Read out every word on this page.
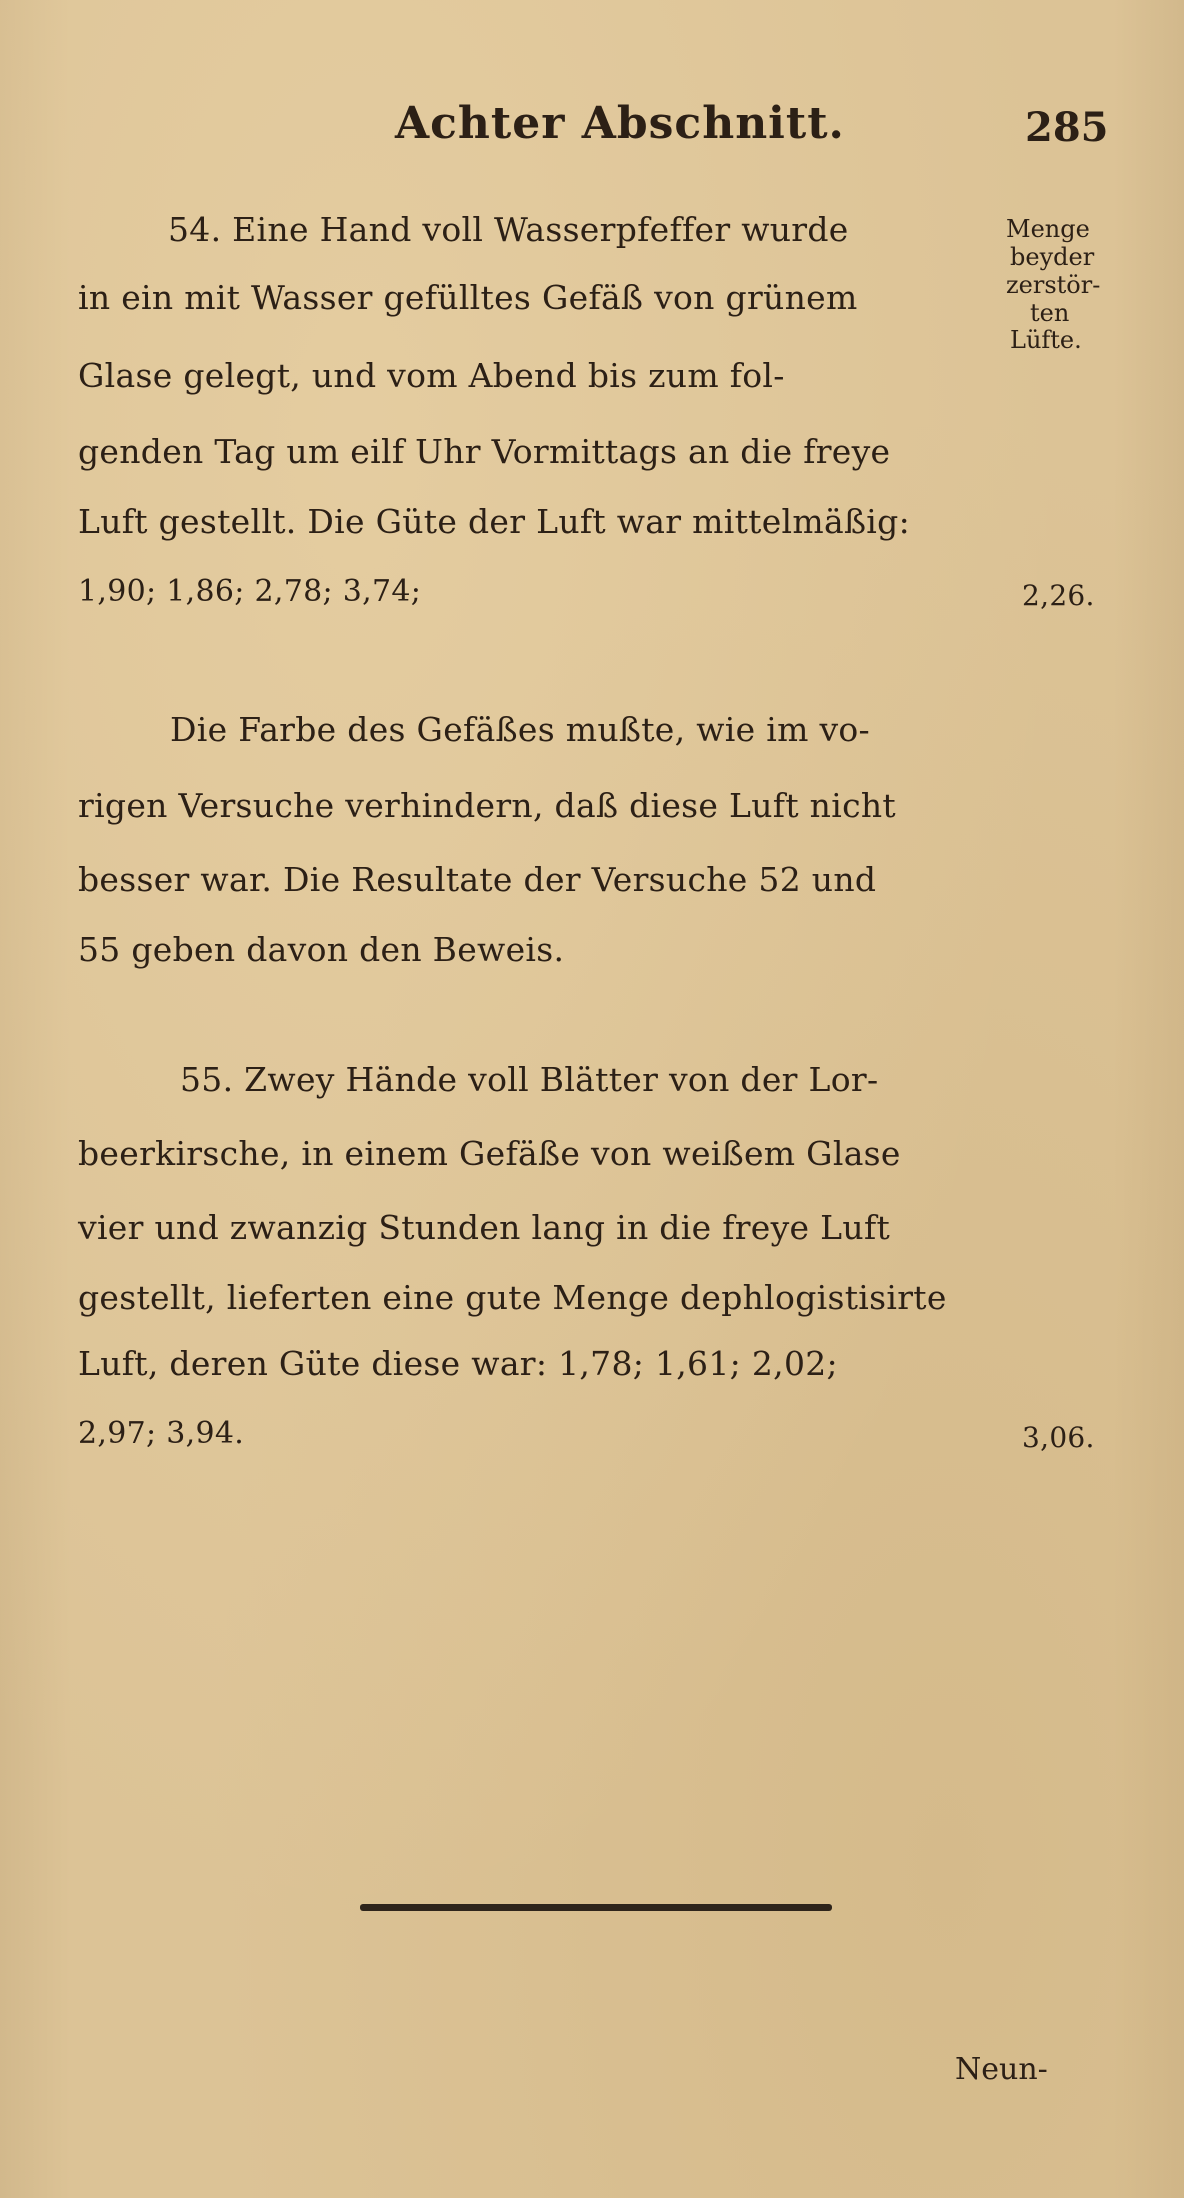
Achter Abschnitt.	285
Menge
beyder
zerstör-
ten
Lüfte.
54. Eine Hand voll Wasserpfeffer wurde
in ein mit Wasser gefülltes Gefäß von grünem
Glase gelegt, und vom Abend bis zum fol-
genden Tag um eilf Uhr Vormittags an die freye
Luft gestellt. Die Güte der Luft war mittelmäßig:
1,90; 1,86; 2,78; 3,74;	2,26.
Die Farbe des Gefäßes mußte, wie im vo-
rigen Versuche verhindern, daß diese Luft nicht
besser war. Die Resultate der Versuche 52 und
55 geben davon den Beweis.
55. Zwey Hände voll Blätter von der Lor-
beerkirsche, in einem Gefäße von weißem Glase
vier und zwanzig Stunden lang in die freye Luft
gestellt, lieferten eine gute Menge dephlogistisirte
Luft, deren Güte diese war: 1,78; 1,61; 2,02;
2,97; 3,94.	3,06.
Neun-
